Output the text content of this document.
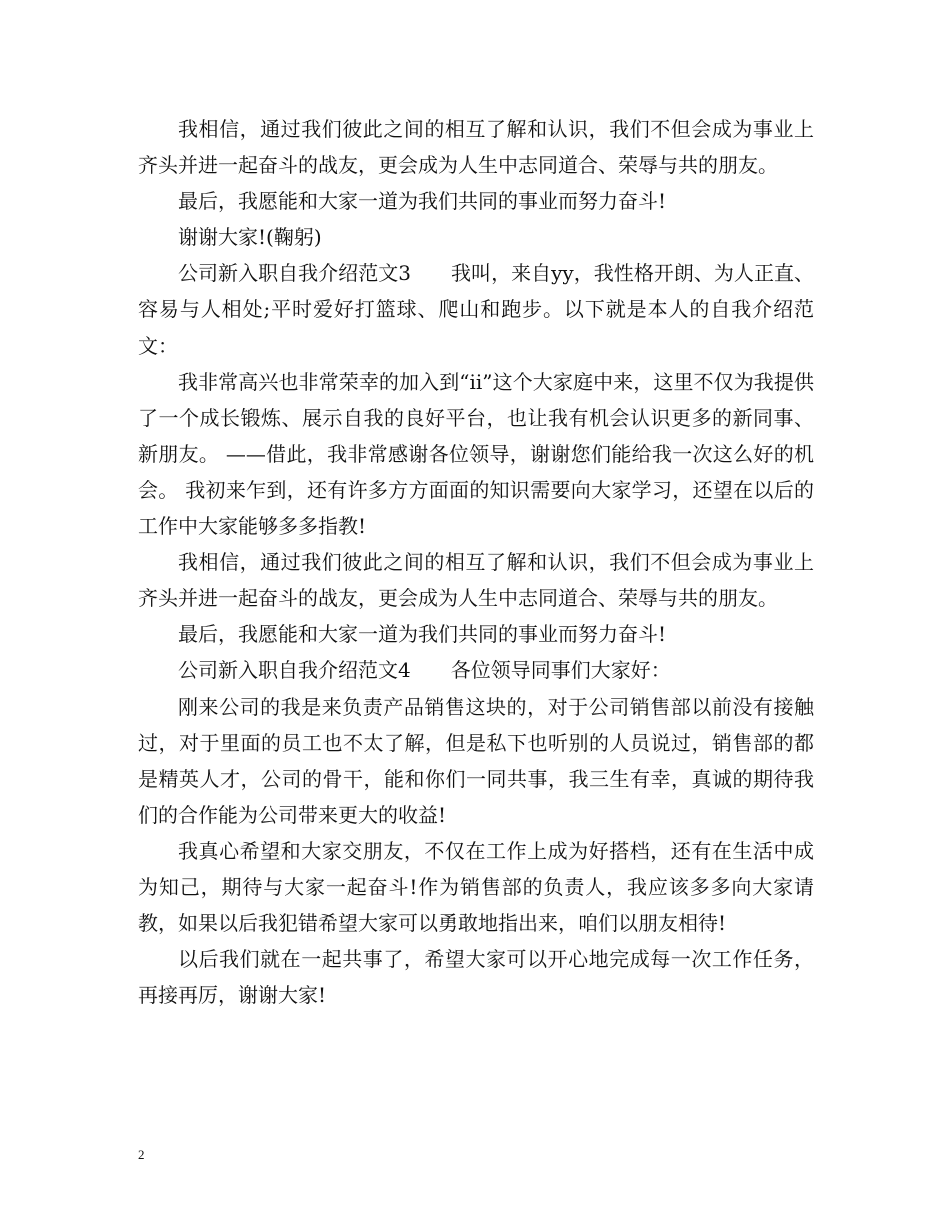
我相信，通过我们彼此之间的相互了解和认识，我们不但会成为事业上齐头并进一起奋斗的战友，更会成为人生中志同道合、荣辱与共的朋友。

最后，我愿能和大家一道为我们共同的事业而努力奋斗!

谢谢大家!(鞠躬)

公司新入职自我介绍范文3　　我叫，来自yy，我性格开朗、为人正直、容易与人相处;平时爱好打篮球、爬山和跑步。以下就是本人的自我介绍范文：

我非常高兴也非常荣幸的加入到“ii”这个大家庭中来，这里不仅为我提供了一个成长锻炼、展示自我的良好平台，也让我有机会认识更多的新同事、新朋友。 ——借此，我非常感谢各位领导，谢谢您们能给我一次这么好的机会。 我初来乍到，还有许多方方面面的知识需要向大家学习，还望在以后的工作中大家能够多多指教!

我相信，通过我们彼此之间的相互了解和认识，我们不但会成为事业上齐头并进一起奋斗的战友，更会成为人生中志同道合、荣辱与共的朋友。

最后，我愿能和大家一道为我们共同的事业而努力奋斗!

公司新入职自我介绍范文4　　各位领导同事们大家好：

刚来公司的我是来负责产品销售这块的，对于公司销售部以前没有接触过，对于里面的员工也不太了解，但是私下也听别的人员说过，销售部的都是精英人才，公司的骨干，能和你们一同共事，我三生有幸，真诚的期待我们的合作能为公司带来更大的收益!

我真心希望和大家交朋友，不仅在工作上成为好搭档，还有在生活中成为知己，期待与大家一起奋斗!作为销售部的负责人，我应该多多向大家请教，如果以后我犯错希望大家可以勇敢地指出来，咱们以朋友相待!

以后我们就在一起共事了，希望大家可以开心地完成每一次工作任务，再接再厉，谢谢大家!

2
